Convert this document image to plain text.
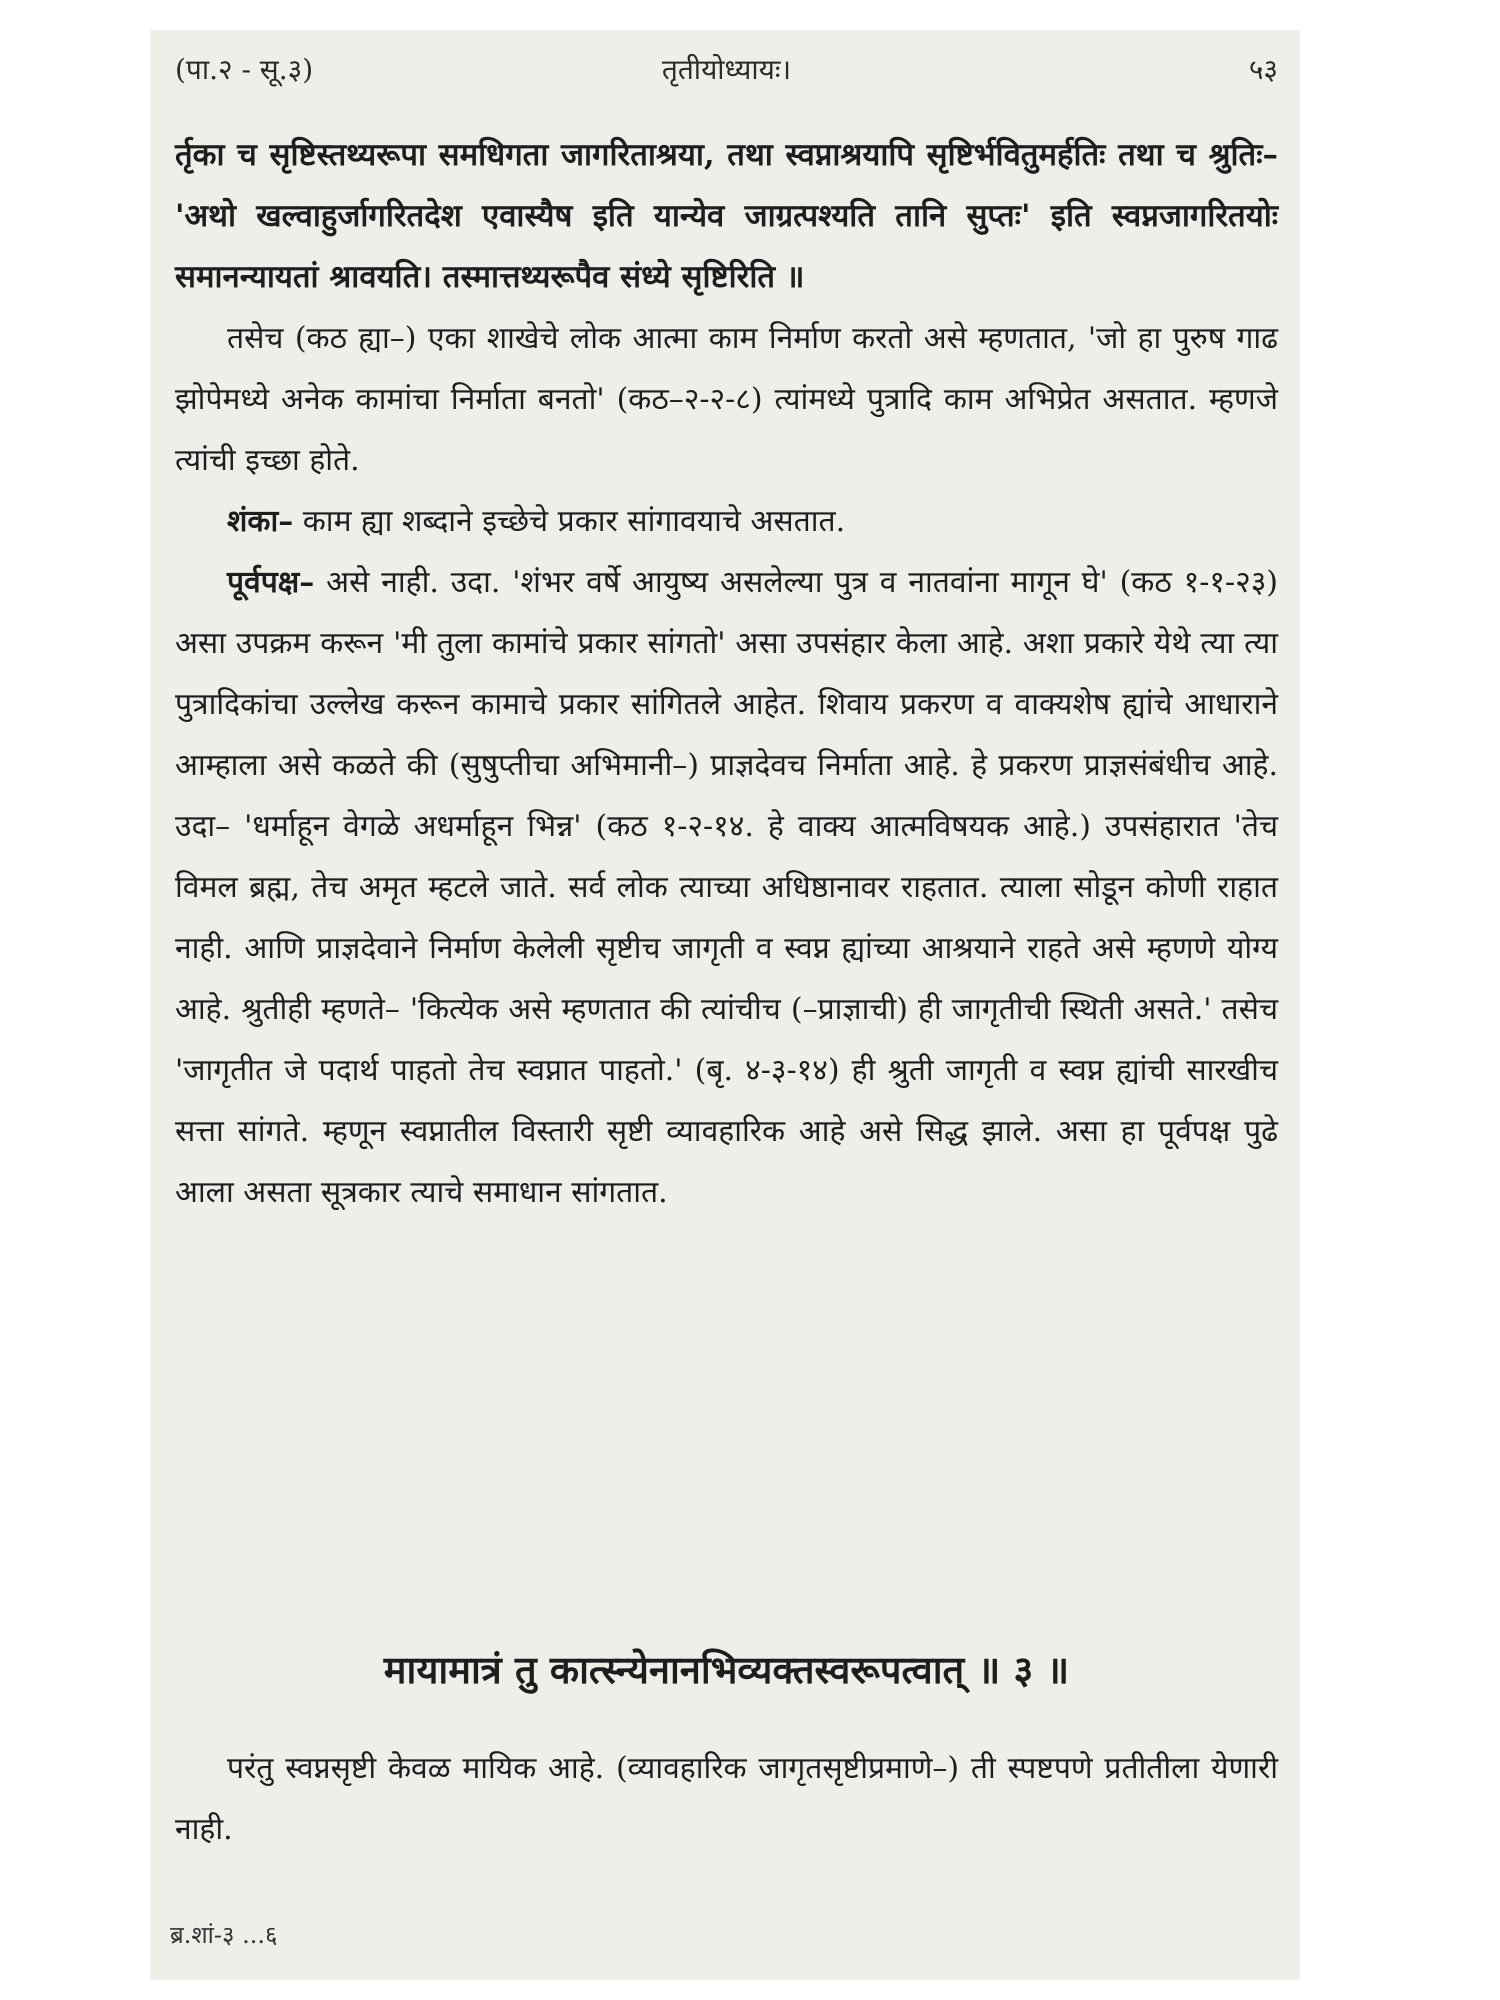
(पा.२ - सू.३)	तृतीयोध्यायः।	५३

र्तृका च सृष्टिस्तथ्यरूपा समधिगता जागरिताश्रया, तथा स्वप्नाश्रयापि सृष्टिर्भवितुमर्हतिः तथा च श्रुतिः– 'अथो खल्वाहुर्जागरितदेश एवास्यैष इति यान्येव जाग्रत्पश्यति तानि सुप्तः' इति स्वप्नजागरितयोः समानन्यायतां श्रावयति। तस्मात्तथ्यरूपैव संध्ये सृष्टिरिति ॥

तसेच (कठ ह्या–) एका शाखेचे लोक आत्मा काम निर्माण करतो असे म्हणतात, 'जो हा पुरुष गाढ झोपेमध्ये अनेक कामांचा निर्माता बनतो' (कठ–२-२-८) त्यांमध्ये पुत्रादि काम अभिप्रेत असतात. म्हणजे त्यांची इच्छा होते.

शंका– काम ह्या शब्दाने इच्छेचे प्रकार सांगावयाचे असतात.

पूर्वपक्ष– असे नाही. उदा. 'शंभर वर्षे आयुष्य असलेल्या पुत्र व नातवांना मागून घे' (कठ १-१-२३) असा उपक्रम करून 'मी तुला कामांचे प्रकार सांगतो' असा उपसंहार केला आहे. अशा प्रकारे येथे त्या त्या पुत्रादिकांचा उल्लेख करून कामाचे प्रकार सांगितले आहेत. शिवाय प्रकरण व वाक्यशेष ह्यांचे आधाराने आम्हाला असे कळते की (सुषुप्तीचा अभिमानी–) प्राज्ञदेवच निर्माता आहे. हे प्रकरण प्राज्ञसंबंधीच आहे. उदा– 'धर्माहून वेगळे अधर्माहून भिन्न' (कठ १-२-१४. हे वाक्य आत्मविषयक आहे.) उपसंहारात 'तेच विमल ब्रह्म, तेच अमृत म्हटले जाते. सर्व लोक त्याच्या अधिष्ठानावर राहतात. त्याला सोडून कोणी राहात नाही. आणि प्राज्ञदेवाने निर्माण केलेली सृष्टीच जागृती व स्वप्न ह्यांच्या आश्रयाने राहते असे म्हणणे योग्य आहे. श्रुतीही म्हणते– 'कित्येक असे म्हणतात की त्यांचीच (–प्राज्ञाची) ही जागृतीची स्थिती असते.' तसेच 'जागृतीत जे पदार्थ पाहतो तेच स्वप्नात पाहतो.' (बृ. ४-३-१४) ही श्रुती जागृती व स्वप्न ह्यांची सारखीच सत्ता सांगते. म्हणून स्वप्नातील विस्तारी सृष्टी व्यावहारिक आहे असे सिद्ध झाले. असा हा पूर्वपक्ष पुढे आला असता सूत्रकार त्याचे समाधान सांगतात.

मायामात्रं तु कात्स्न्येनानभिव्यक्तस्वरूपत्वात् ॥ ३ ॥

परंतु स्वप्नसृष्टी केवळ मायिक आहे. (व्यावहारिक जागृतसृष्टीप्रमाणे–) ती स्पष्टपणे प्रतीतीला येणारी नाही.

ब्र.शां-३ ...६
